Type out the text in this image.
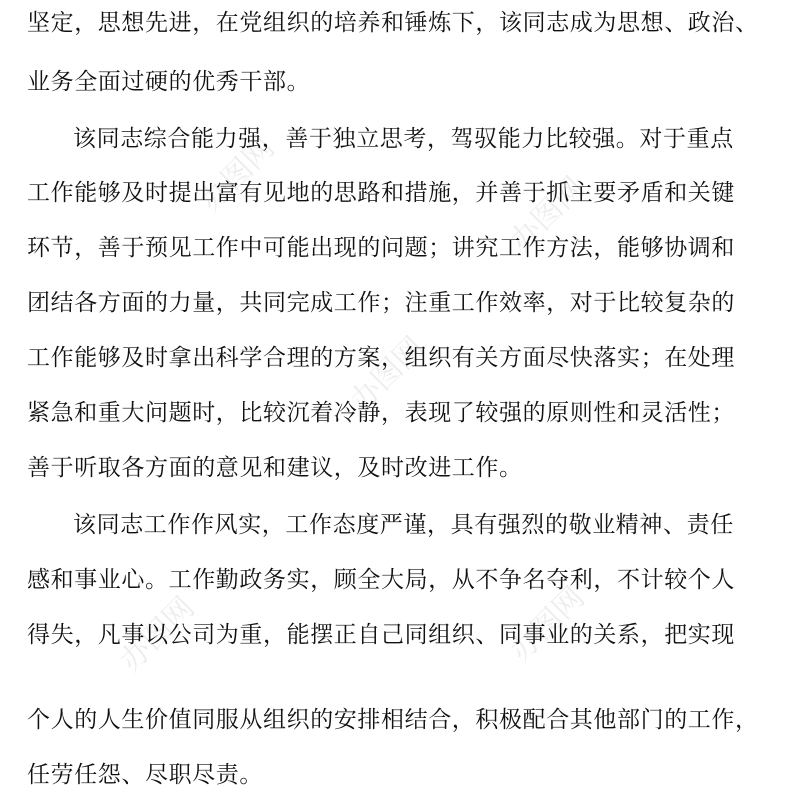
坚定，思想先进，在党组织的培养和锤炼下，该同志成为思想、政治、
业务全面过硬的优秀干部。
该同志综合能力强，善于独立思考，驾驭能力比较强。对于重点
工作能够及时提出富有见地的思路和措施，并善于抓主要矛盾和关键
环节，善于预见工作中可能出现的问题；讲究工作方法，能够协调和
团结各方面的力量，共同完成工作；注重工作效率，对于比较复杂的
工作能够及时拿出科学合理的方案，组织有关方面尽快落实；在处理
紧急和重大问题时，比较沉着冷静，表现了较强的原则性和灵活性；
善于听取各方面的意见和建议，及时改进工作。
该同志工作作风实，工作态度严谨，具有强烈的敬业精神、责任
感和事业心。工作勤政务实，顾全大局，从不争名夺利，不计较个人
得失，凡事以公司为重，能摆正自己同组织、同事业的关系，把实现
个人的人生价值同服从组织的安排相结合，积极配合其他部门的工作，
任劳任怨、尽职尽责。
办图网	办图网
办图网
办图网	办图网
